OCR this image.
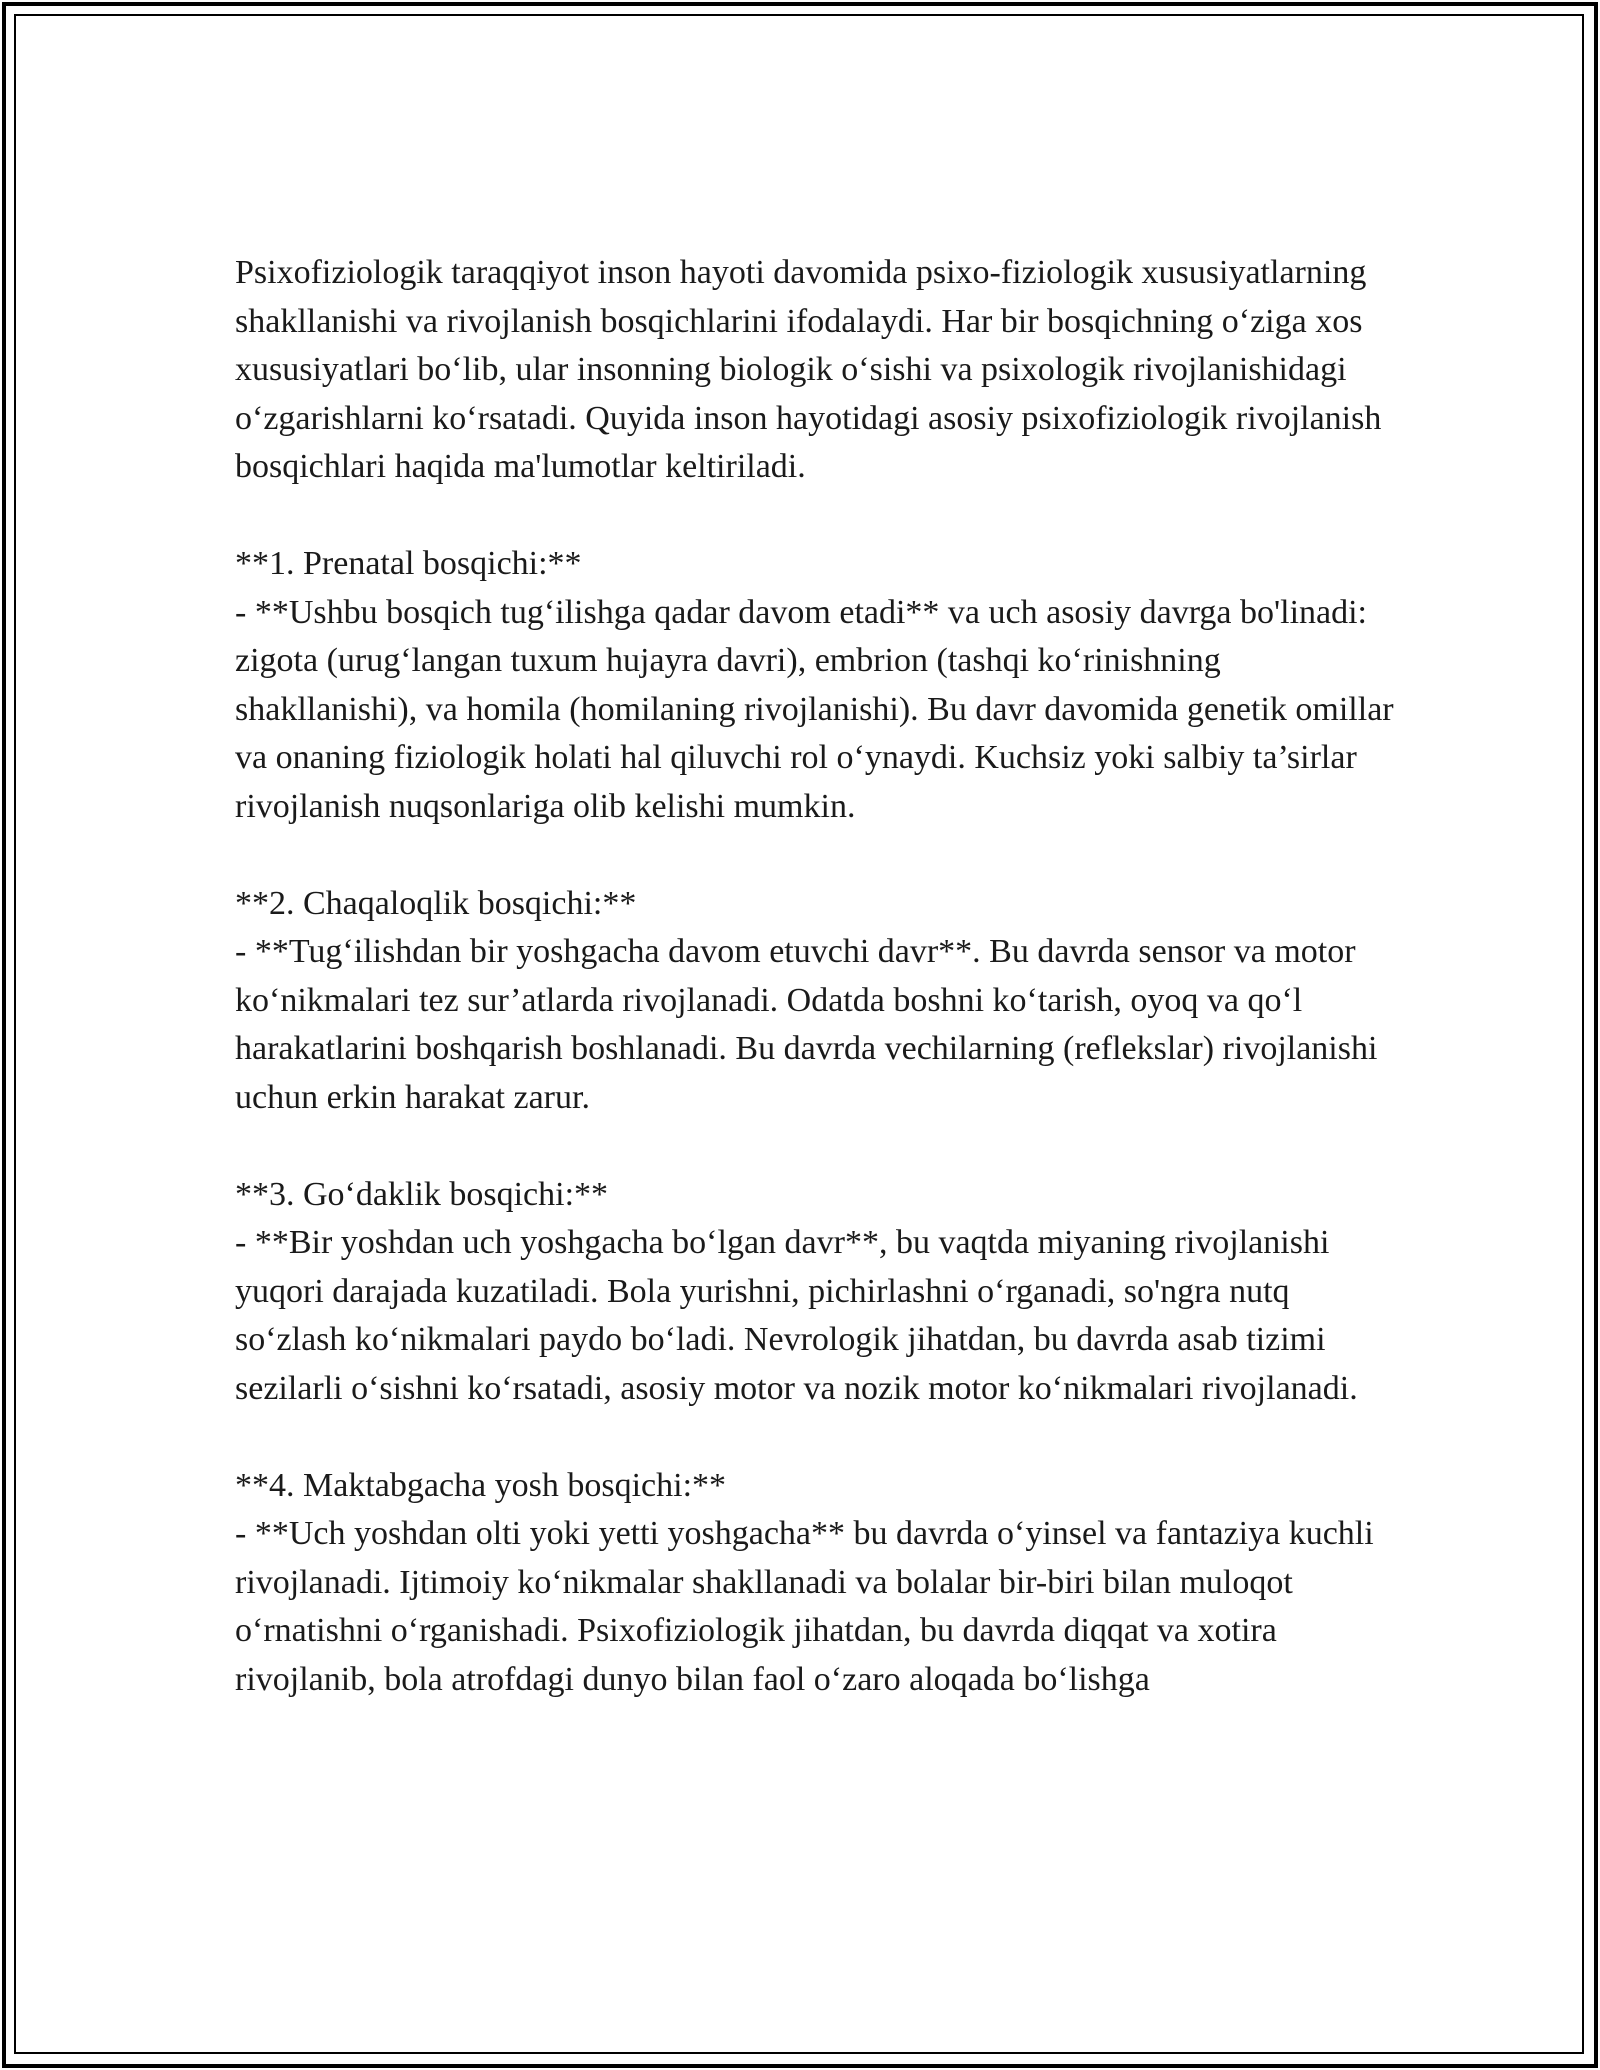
Psixofiziologik taraqqiyot inson hayoti davomida psixo-fiziologik xususiyatlarning shakllanishi va rivojlanish bosqichlarini ifodalaydi. Har bir bosqichning o‘ziga xos xususiyatlari bo‘lib, ular insonning biologik o‘sishi va psixologik rivojlanishidagi o‘zgarishlarni ko‘rsatadi. Quyida inson hayotidagi asosiy psixofiziologik rivojlanish bosqichlari haqida ma'lumotlar keltiriladi.

**1. Prenatal bosqichi:**
- **Ushbu bosqich tug‘ilishga qadar davom etadi** va uch asosiy davrga bo'linadi: zigota (urug‘langan tuxum hujayra davri), embrion (tashqi ko‘rinishning shakllanishi), va homila (homilaning rivojlanishi). Bu davr davomida genetik omillar va onaning fiziologik holati hal qiluvchi rol o‘ynaydi. Kuchsiz yoki salbiy ta’sirlar rivojlanish nuqsonlariga olib kelishi mumkin.

**2. Chaqaloqlik bosqichi:**
- **Tug‘ilishdan bir yoshgacha davom etuvchi davr**. Bu davrda sensor va motor ko‘nikmalari tez sur’atlarda rivojlanadi. Odatda boshni ko‘tarish, oyoq va qo‘l harakatlarini boshqarish boshlanadi. Bu davrda vechilarning (reflekslar) rivojlanishi uchun erkin harakat zarur.

**3. Go‘daklik bosqichi:**
- **Bir yoshdan uch yoshgacha bo‘lgan davr**, bu vaqtda miyaning rivojlanishi yuqori darajada kuzatiladi. Bola yurishni, pichirlashni o‘rganadi, so'ngra nutq so‘zlash ko‘nikmalari paydo bo‘ladi. Nevrologik jihatdan, bu davrda asab tizimi sezilarli o‘sishni ko‘rsatadi, asosiy motor va nozik motor ko‘nikmalari rivojlanadi.

**4. Maktabgacha yosh bosqichi:**
- **Uch yoshdan olti yoki yetti yoshgacha** bu davrda o‘yinsel va fantaziya kuchli rivojlanadi. Ijtimoiy ko‘nikmalar shakllanadi va bolalar bir-biri bilan muloqot o‘rnatishni o‘rganishadi. Psixofiziologik jihatdan, bu davrda diqqat va xotira rivojlanib, bola atrofdagi dunyo bilan faol o‘zaro aloqada bo‘lishga
